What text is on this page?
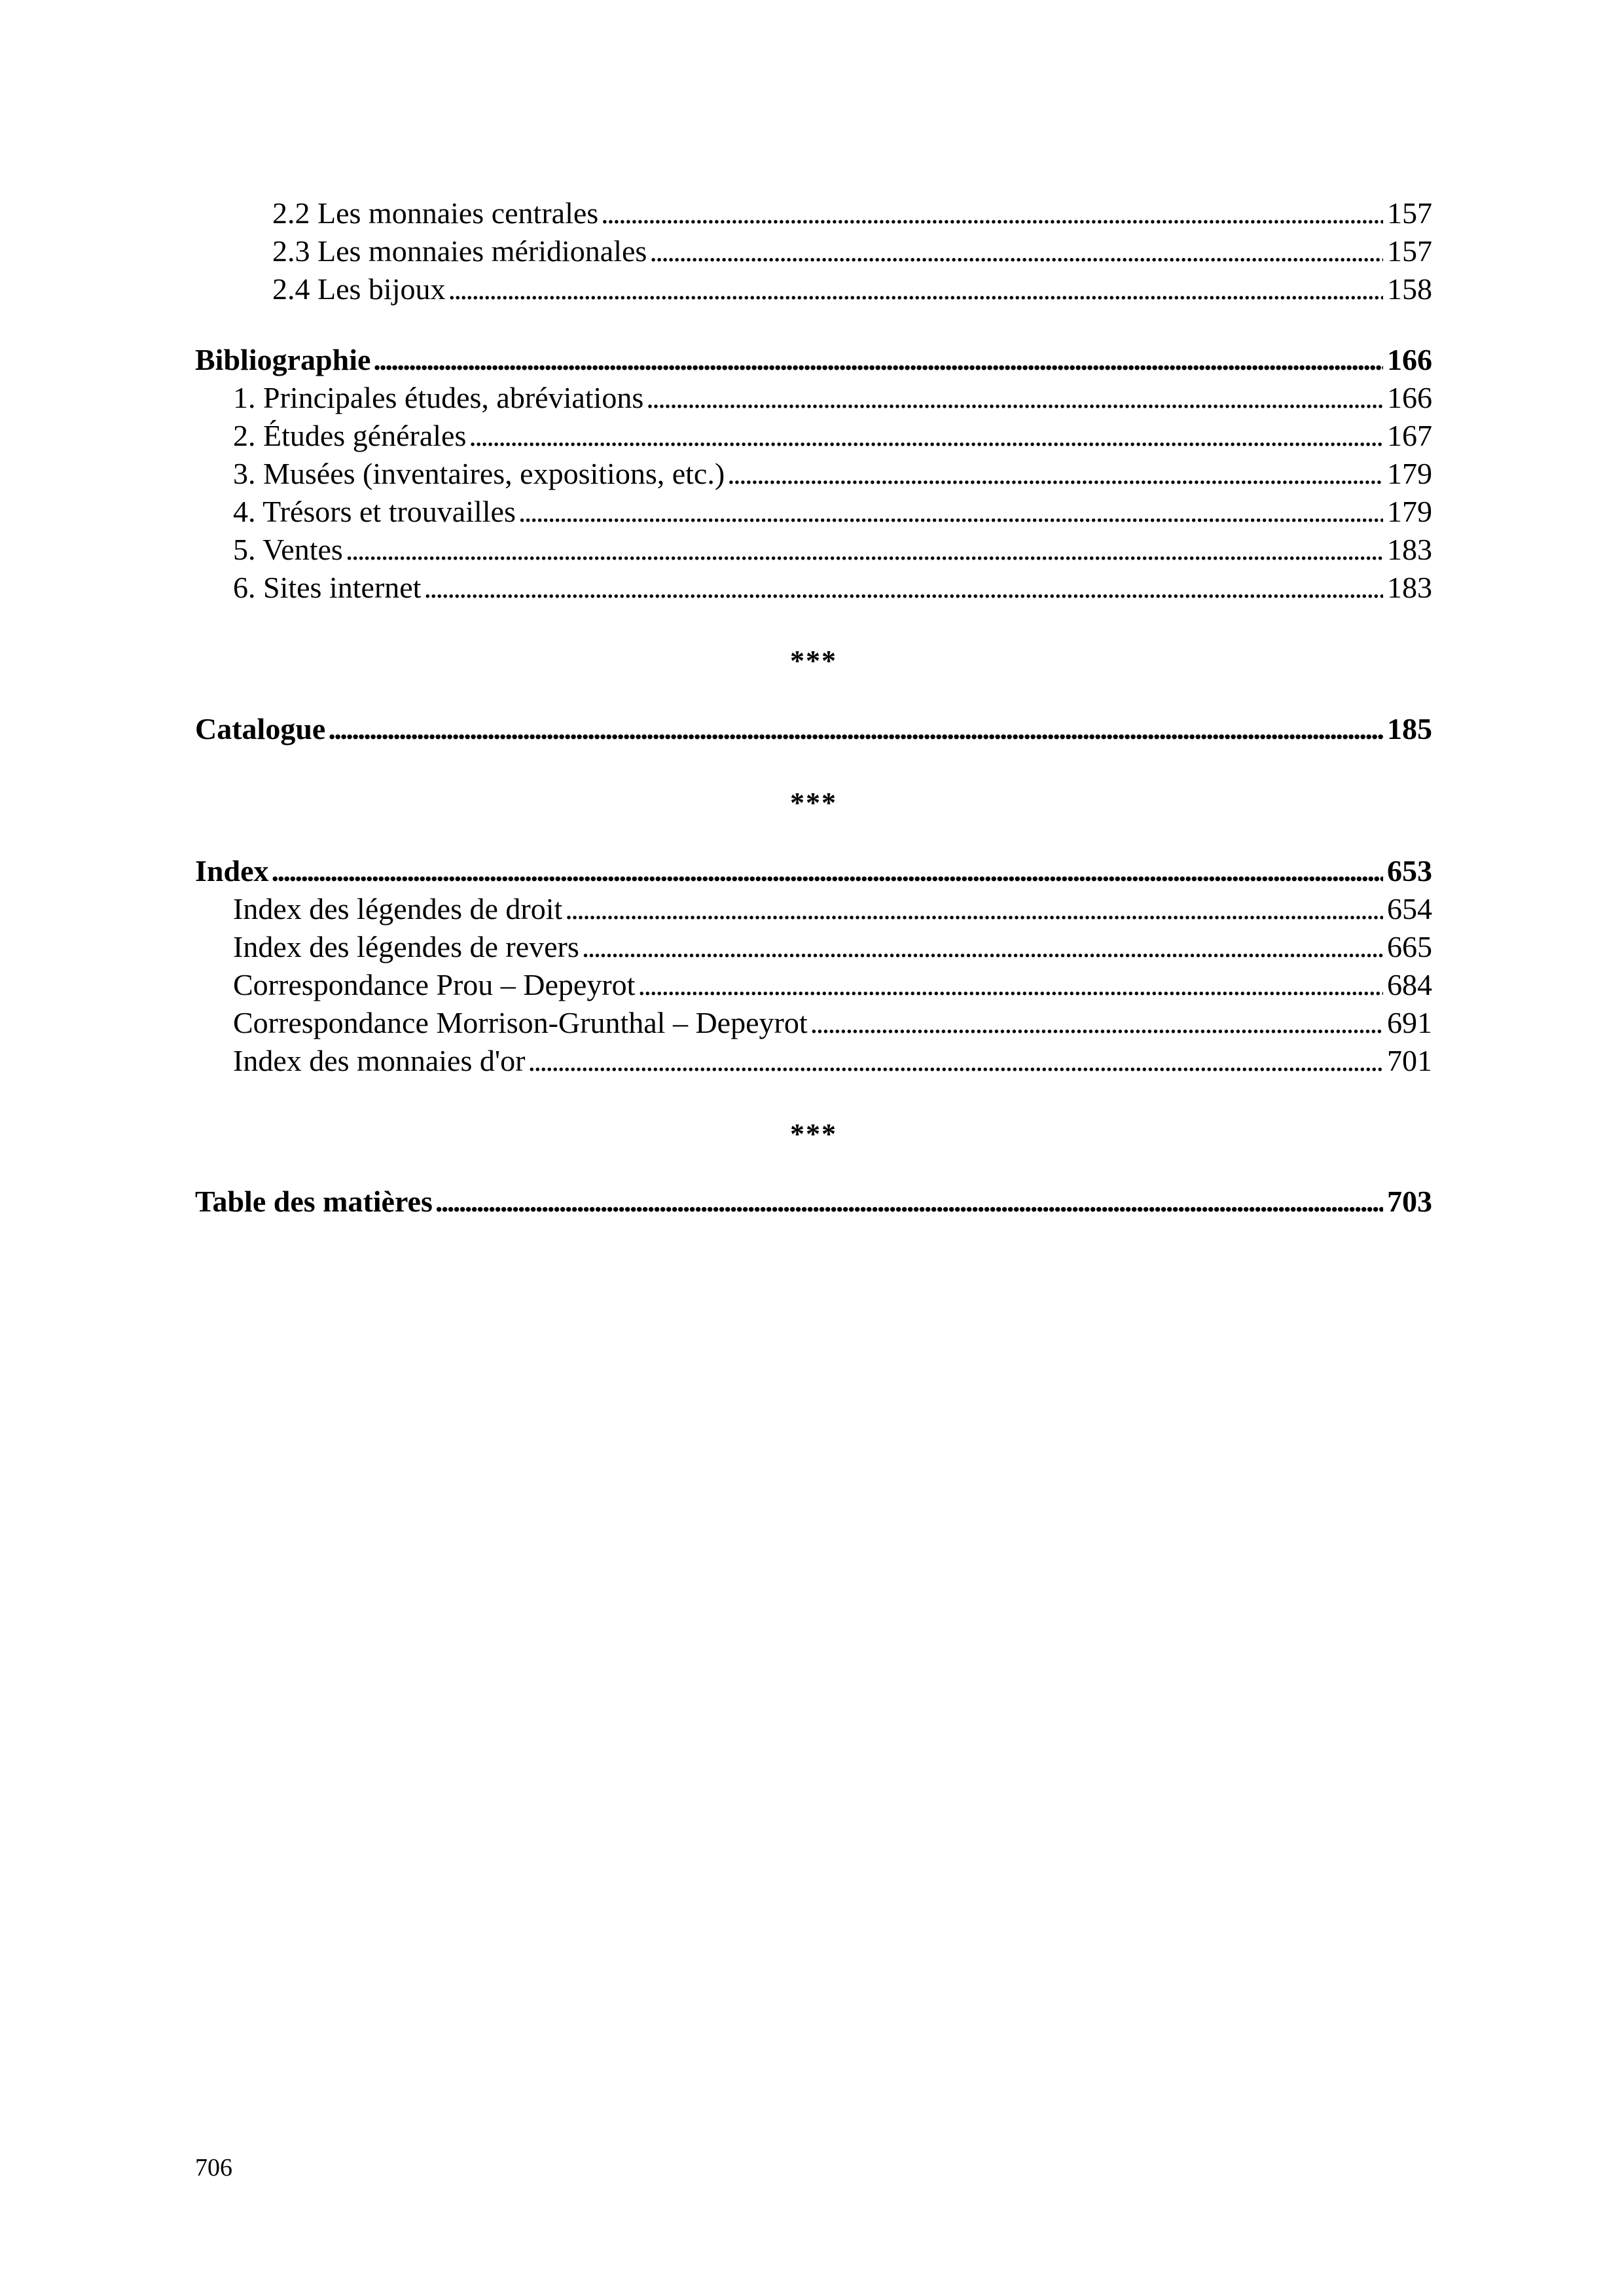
2.2 Les monnaies centrales . . .	157
2.3 Les monnaies méridionales . . .	157
2.4 Les bijoux . . .	158
Bibliographie . . .	166
1. Principales études, abréviations . . .	166
2. Études générales . . .	167
3. Musées (inventaires, expositions, etc.) . . .	179
4. Trésors et trouvailles . . .	179
5. Ventes . . .	183
6. Sites internet . . .	183
***
Catalogue . . .	185
***
Index . . .	653
Index des légendes de droit . . .	654
Index des légendes de revers . . .	665
Correspondance Prou – Depeyrot . . .	684
Correspondance Morrison-Grunthal – Depeyrot . . .	691
Index des monnaies d'or . . .	701
***
Table des matières . . .	703
706
